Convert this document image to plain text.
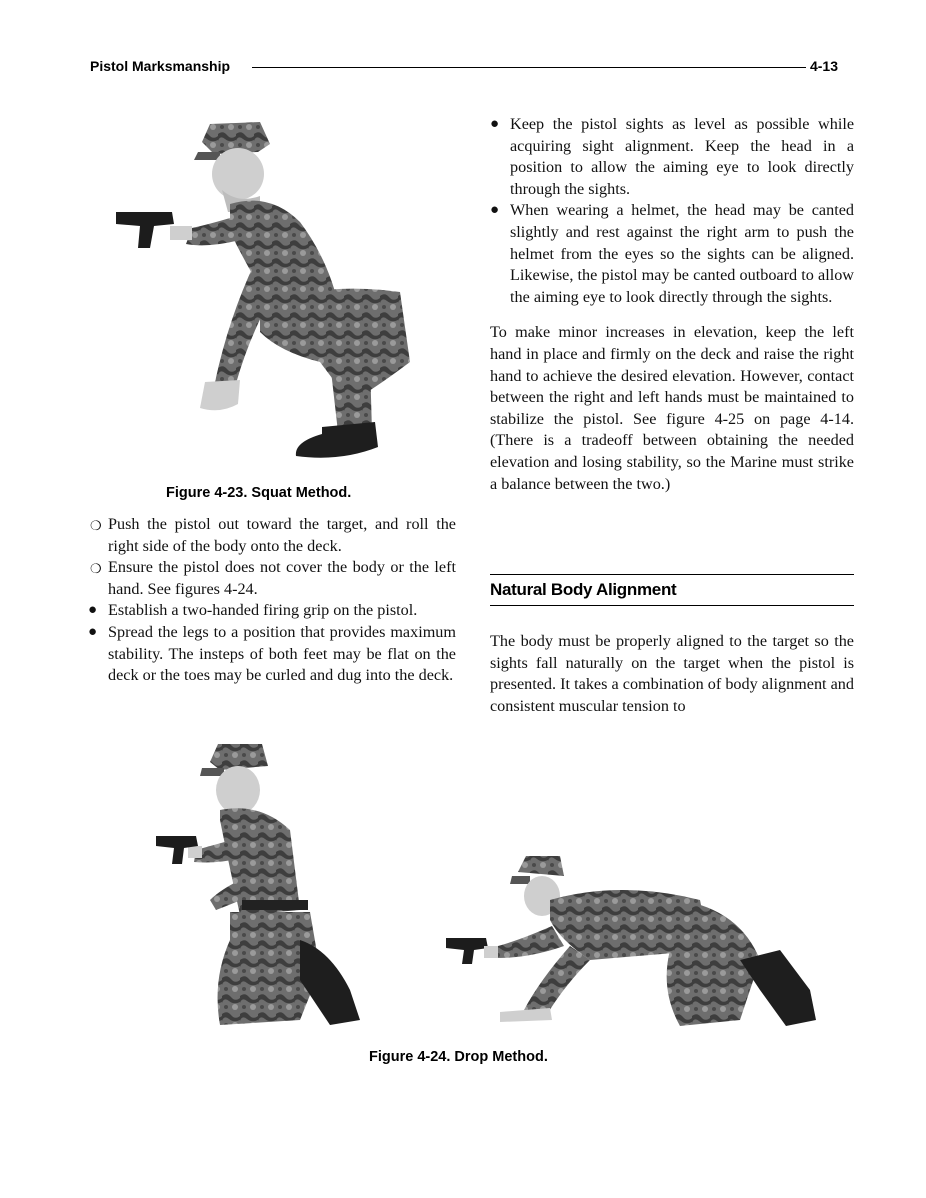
Pistol Marksmanship	4-13
Figure 4-23. Squat Method.
❍ Push the pistol out toward the target, and roll the right side of the body onto the deck.
❍ Ensure the pistol does not cover the body or the left hand. See figures 4-24.
● Establish a two-handed firing grip on the pistol.
● Spread the legs to a position that provides maximum stability. The insteps of both feet may be flat on the deck or the toes may be curled and dug into the deck.
● Keep the pistol sights as level as possible while acquiring sight alignment. Keep the head in a position to allow the aiming eye to look directly through the sights.
● When wearing a helmet, the head may be canted slightly and rest against the right arm to push the helmet from the eyes so the sights can be aligned. Likewise, the pistol may be canted outboard to allow the aiming eye to look directly through the sights.

To make minor increases in elevation, keep the left hand in place and firmly on the deck and raise the right hand to achieve the desired elevation. However, contact between the right and left hands must be maintained to stabilize the pistol. See figure 4-25 on page 4-14. (There is a tradeoff between obtaining the needed elevation and losing stability, so the Marine must strike a balance between the two.)

Natural Body Alignment

The body must be properly aligned to the target so the sights fall naturally on the target when the pistol is presented. It takes a combination of body alignment and consistent muscular tension to

Figure 4-24. Drop Method.
